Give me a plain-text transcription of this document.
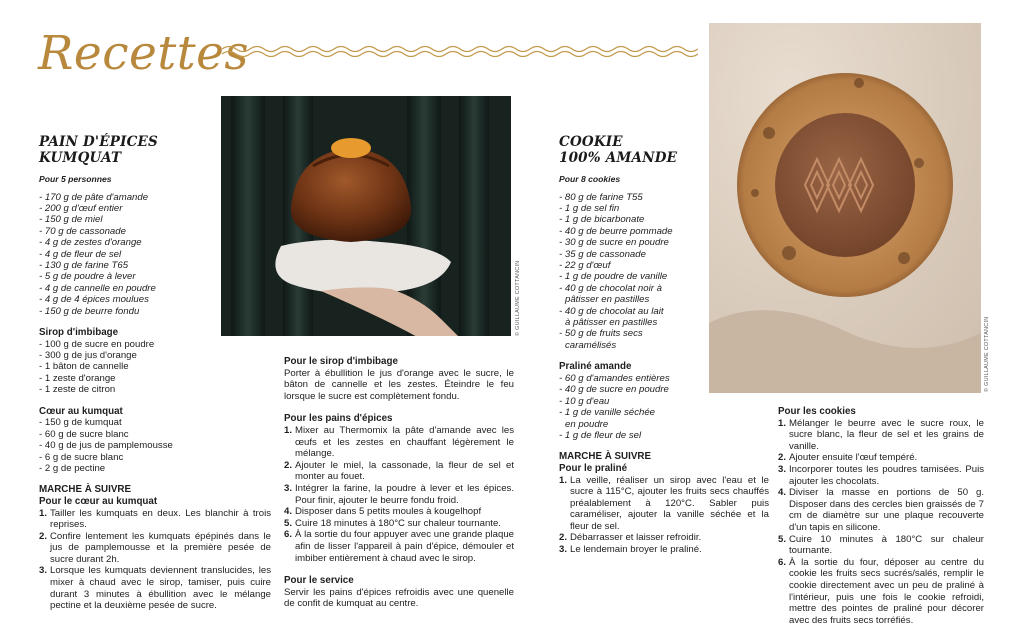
Recettes
© GUILLAUME COTTANCIN
© GUILLAUME COTTANCIN
PAIN D'ÉPICES
KUMQUAT
Pour 5 personnes
- 170 g de pâte d'amande
- 200 g d'œuf entier
- 150 g de miel
- 70 g de cassonade
- 4 g de zestes d'orange
- 4 g de fleur de sel
- 130 g de farine T65
- 5 g de poudre à lever
- 4 g de cannelle en poudre
- 4 g de 4 épices moulues
- 150 g de beurre fondu
Sirop d'imbibage
- 100 g de sucre en poudre
- 300 g de jus d'orange
- 1 bâton de cannelle
- 1 zeste d'orange
- 1 zeste de citron
Cœur au kumquat
- 150 g de kumquat
- 60 g de sucre blanc
- 40 g de jus de pamplemousse
- 6 g de sucre blanc
- 2 g de pectine
MARCHE À SUIVRE
Pour le cœur au kumquat
1. Tailler les kumquats en deux. Les blanchir à trois reprises.
2. Confire lentement les kumquats épépinés dans le jus de pamplemousse et la première pesée de sucre durant 2h.
3. Lorsque les kumquats deviennent translucides, les mixer à chaud avec le sirop, tamiser, puis cuire durant 3 minutes à ébullition avec le mélange pectine et la deuxième pesée de sucre.
Pour le sirop d'imbibage
Porter à ébullition le jus d'orange avec le sucre, le bâton de cannelle et les zestes. Éteindre le feu lorsque le sucre est complètement fondu.
Pour les pains d'épices
1. Mixer au Thermomix la pâte d'amande avec les œufs et les zestes en chauffant légèrement le mélange.
2. Ajouter le miel, la cassonade, la fleur de sel et monter au fouet.
3. Intégrer la farine, la poudre à lever et les épices. Pour finir, ajouter le beurre fondu froid.
4. Disposer dans 5 petits moules à kougelhopf
5. Cuire 18 minutes à 180°C sur chaleur tournante.
6. À la sortie du four appuyer avec une grande plaque afin de lisser l'appareil à pain d'épice, démouler et imbiber entièrement à chaud avec le sirop.
Pour le service
Servir les pains d'épices refroidis avec une quenelle de confit de kumquat au centre.
COOKIE
100% AMANDE
Pour 8 cookies
- 80 g de farine T55
- 1 g de sel fin
- 1 g de bicarbonate
- 40 g de beurre pommade
- 30 g de sucre en poudre
- 35 g de cassonade
- 22 g d'œuf
- 1 g de poudre de vanille
- 40 g de chocolat noir à
pâtisser en pastilles
- 40 g de chocolat au lait
à pâtisser en pastilles
- 50 g de fruits secs
caramélisés
Praliné amande
- 60 g d'amandes entières
- 40 g de sucre en poudre
- 10 g d'eau
- 1 g de vanille séchée
en poudre
- 1 g de fleur de sel
MARCHE À SUIVRE
Pour le praliné
1. La veille, réaliser un sirop avec l'eau et le sucre à 115°C, ajouter les fruits secs chauffés préalablement à 120°C. Sabler puis caraméliser, ajouter la vanille séchée et la fleur de sel.
2. Débarrasser et laisser refroidir.
3. Le lendemain broyer le praliné.
Pour les cookies
1. Mélanger le beurre avec le sucre roux, le sucre blanc, la fleur de sel et les grains de vanille.
2. Ajouter ensuite l'œuf tempéré.
3. Incorporer toutes les poudres tamisées. Puis ajouter les chocolats.
4. Diviser la masse en portions de 50 g. Disposer dans des cercles bien graissés de 7 cm de diamètre sur une plaque recouverte d'un tapis en silicone.
5. Cuire 10 minutes à 180°C sur chaleur tournante.
6. À la sortie du four, déposer au centre du cookie les fruits secs sucrés/salés, remplir le cookie directement avec un peu de praliné à l'intérieur, puis une fois le cookie refroidi, mettre des pointes de praliné pour décorer avec des fruits secs torréfiés.
